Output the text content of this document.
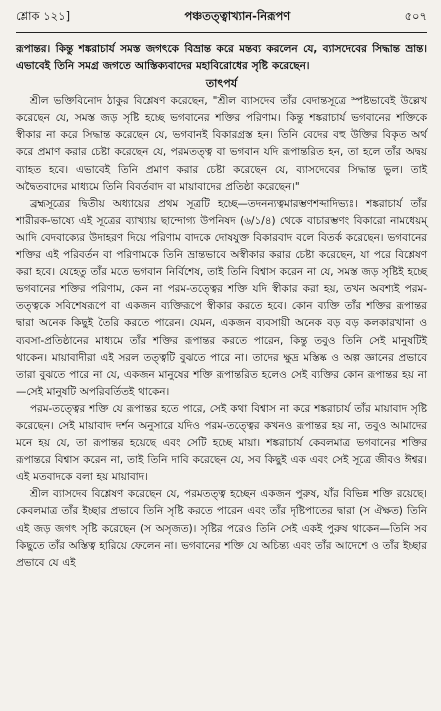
শ্লোক ১২১]	পঞ্চতত্ত্বাখ্যান-নিরূপণ	৫০৭

রূপান্তর। কিন্তু শঙ্করাচার্য সমস্ত জগৎকে বিভ্রান্ত করে মন্তব্য করলেন যে, ব্যাসদেবের সিদ্ধান্ত ভ্রান্ত। এভাবেই তিনি সমগ্র জগতে আস্তিক্যবাদের মহাবিরোধের সৃষ্টি করেছেন।

তাৎপর্য

শ্রীল ভক্তিবিনোদ ঠাকুর বিশ্লেষণ করেছেন, "শ্রীল ব্যাসদেব তাঁর বেদান্তসূত্রে স্পষ্টভাবেই উল্লেখ করেছেন যে, সমস্ত জড় সৃষ্টি হচ্ছে ভগবানের শক্তির পরিণাম। কিন্তু শঙ্করাচার্য ভগবানের শক্তিকে স্বীকার না করে সিদ্ধান্ত করেছেন যে, ভগবানই বিকারগ্রস্ত হন। তিনি বেদের বহু উক্তির বিকৃত অর্থ করে প্রমাণ করার চেষ্টা করেছেন যে, পরমতত্ত্ব বা ভগবান যদি রূপান্তরিত হন, তা হলে তাঁর অদ্বয় ব্যাহত হবে। এভাবেই তিনি প্রমাণ করার চেষ্টা করেছেন যে, ব্যাসদেবের সিদ্ধান্ত ভুল। তাই অদ্বৈতবাদের মাধ্যমে তিনি বিবর্তবাদ বা মায়াবাদের প্রতিষ্ঠা করেছেন।"

ব্রহ্মসূত্রের দ্বিতীয় অধ্যায়ের প্রথম সূত্রটি হচ্ছে—তদনন্যত্বমারম্ভণশব্দাদিভ্যঃ। শঙ্করাচার্য তাঁর শারীরক-ভাষ্যে এই সূত্রের ব্যাখ্যায় ছান্দোগ্য উপনিষদ (৬/১/৪) থেকে বাচারম্ভণং বিকারো নামধেয়ম্ আদি বেদবাক্যের উদাহরণ দিয়ে পরিণাম বাদকে দোষযুক্ত বিকারবাদ বলে বিতর্ক করেছেন। ভগবানের শক্তির এই পরিবর্তন বা পরিণামকে তিনি ভ্রান্তভাবে অস্বীকার করার চেষ্টা করেছেন, যা পরে বিশ্লেষণ করা হবে। যেহেতু তাঁর মতে ভগবান নির্বিশেষ, তাই তিনি বিশ্বাস করেন না যে, সমস্ত জড় সৃষ্টিই হচ্ছে ভগবানের শক্তির পরিণাম, কেন না পরম-তত্ত্বের শক্তি যদি স্বীকার করা হয়, তখন অবশ্যই পরম-তত্ত্বকে সবিশেষরূপে বা একজন ব্যক্তিরূপে স্বীকার করতে হবে। কোন ব্যক্তি তাঁর শক্তির রূপান্তর দ্বারা অনেক কিছুই তৈরি করতে পারেন। যেমন, একজন ব্যবসায়ী অনেক বড় বড় কলকারখানা ও ব্যবসা-প্রতিষ্ঠানের মাধ্যমে তাঁর শক্তির রূপান্তর করতে পারেন, কিন্তু তবুও তিনি সেই মানুষটিই থাকেন। মায়াবাদীরা এই সরল তত্ত্বটি বুঝতে পারে না। তাদের ক্ষুদ্র মস্তিষ্ক ও অল্প জ্ঞানের প্রভাবে তারা বুঝতে পারে না যে, একজন মানুষের শক্তি রূপান্তরিত হলেও সেই ব্যক্তির কোন রূপান্তর হয় না—সেই মানুষটি অপরিবর্তিতই থাকেন।

পরম-তত্ত্বের শক্তি যে রূপান্তর হতে পারে, সেই কথা বিশ্বাস না করে শঙ্করাচার্য তাঁর মায়াবাদ সৃষ্টি করেছেন। সেই মায়াবাদ দর্শন অনুসারে যদিও পরম-তত্ত্বের কখনও রূপান্তর হয় না, তবুও আমাদের মনে হয় যে, তা রূপান্তর হয়েছে এবং সেটি হচ্ছে মায়া। শঙ্করাচার্য কেবলমাত্র ভগবানের শক্তির রূপান্তরে বিশ্বাস করেন না, তাই তিনি দাবি করেছেন যে, সব কিছুই এক এবং সেই সূত্রে জীবও ঈশ্বর। এই মতবাদকে বলা হয় মায়াবাদ।

শ্রীল ব্যাসদেব বিশ্লেষণ করেছেন যে, পরমতত্ত্ব হচ্ছেন একজন পুরুষ, যাঁর বিভিন্ন শক্তি রয়েছে। কেবলমাত্র তাঁর ইচ্ছার প্রভাবে তিনি সৃষ্টি করতে পারেন এবং তাঁর দৃষ্টিপাতের দ্বারা (স ঐক্ষত) তিনি এই জড় জগৎ সৃষ্টি করেছেন (স অসৃজত)। সৃষ্টির পরেও তিনি সেই একই পুরুষ থাকেন—তিনি সব কিছুতে তাঁর অস্তিত্ব হারিয়ে ফেলেন না। ভগবানের শক্তি যে অচিন্ত্য এবং তাঁর আদেশে ও তাঁর ইচ্ছার প্রভাবে যে এই
